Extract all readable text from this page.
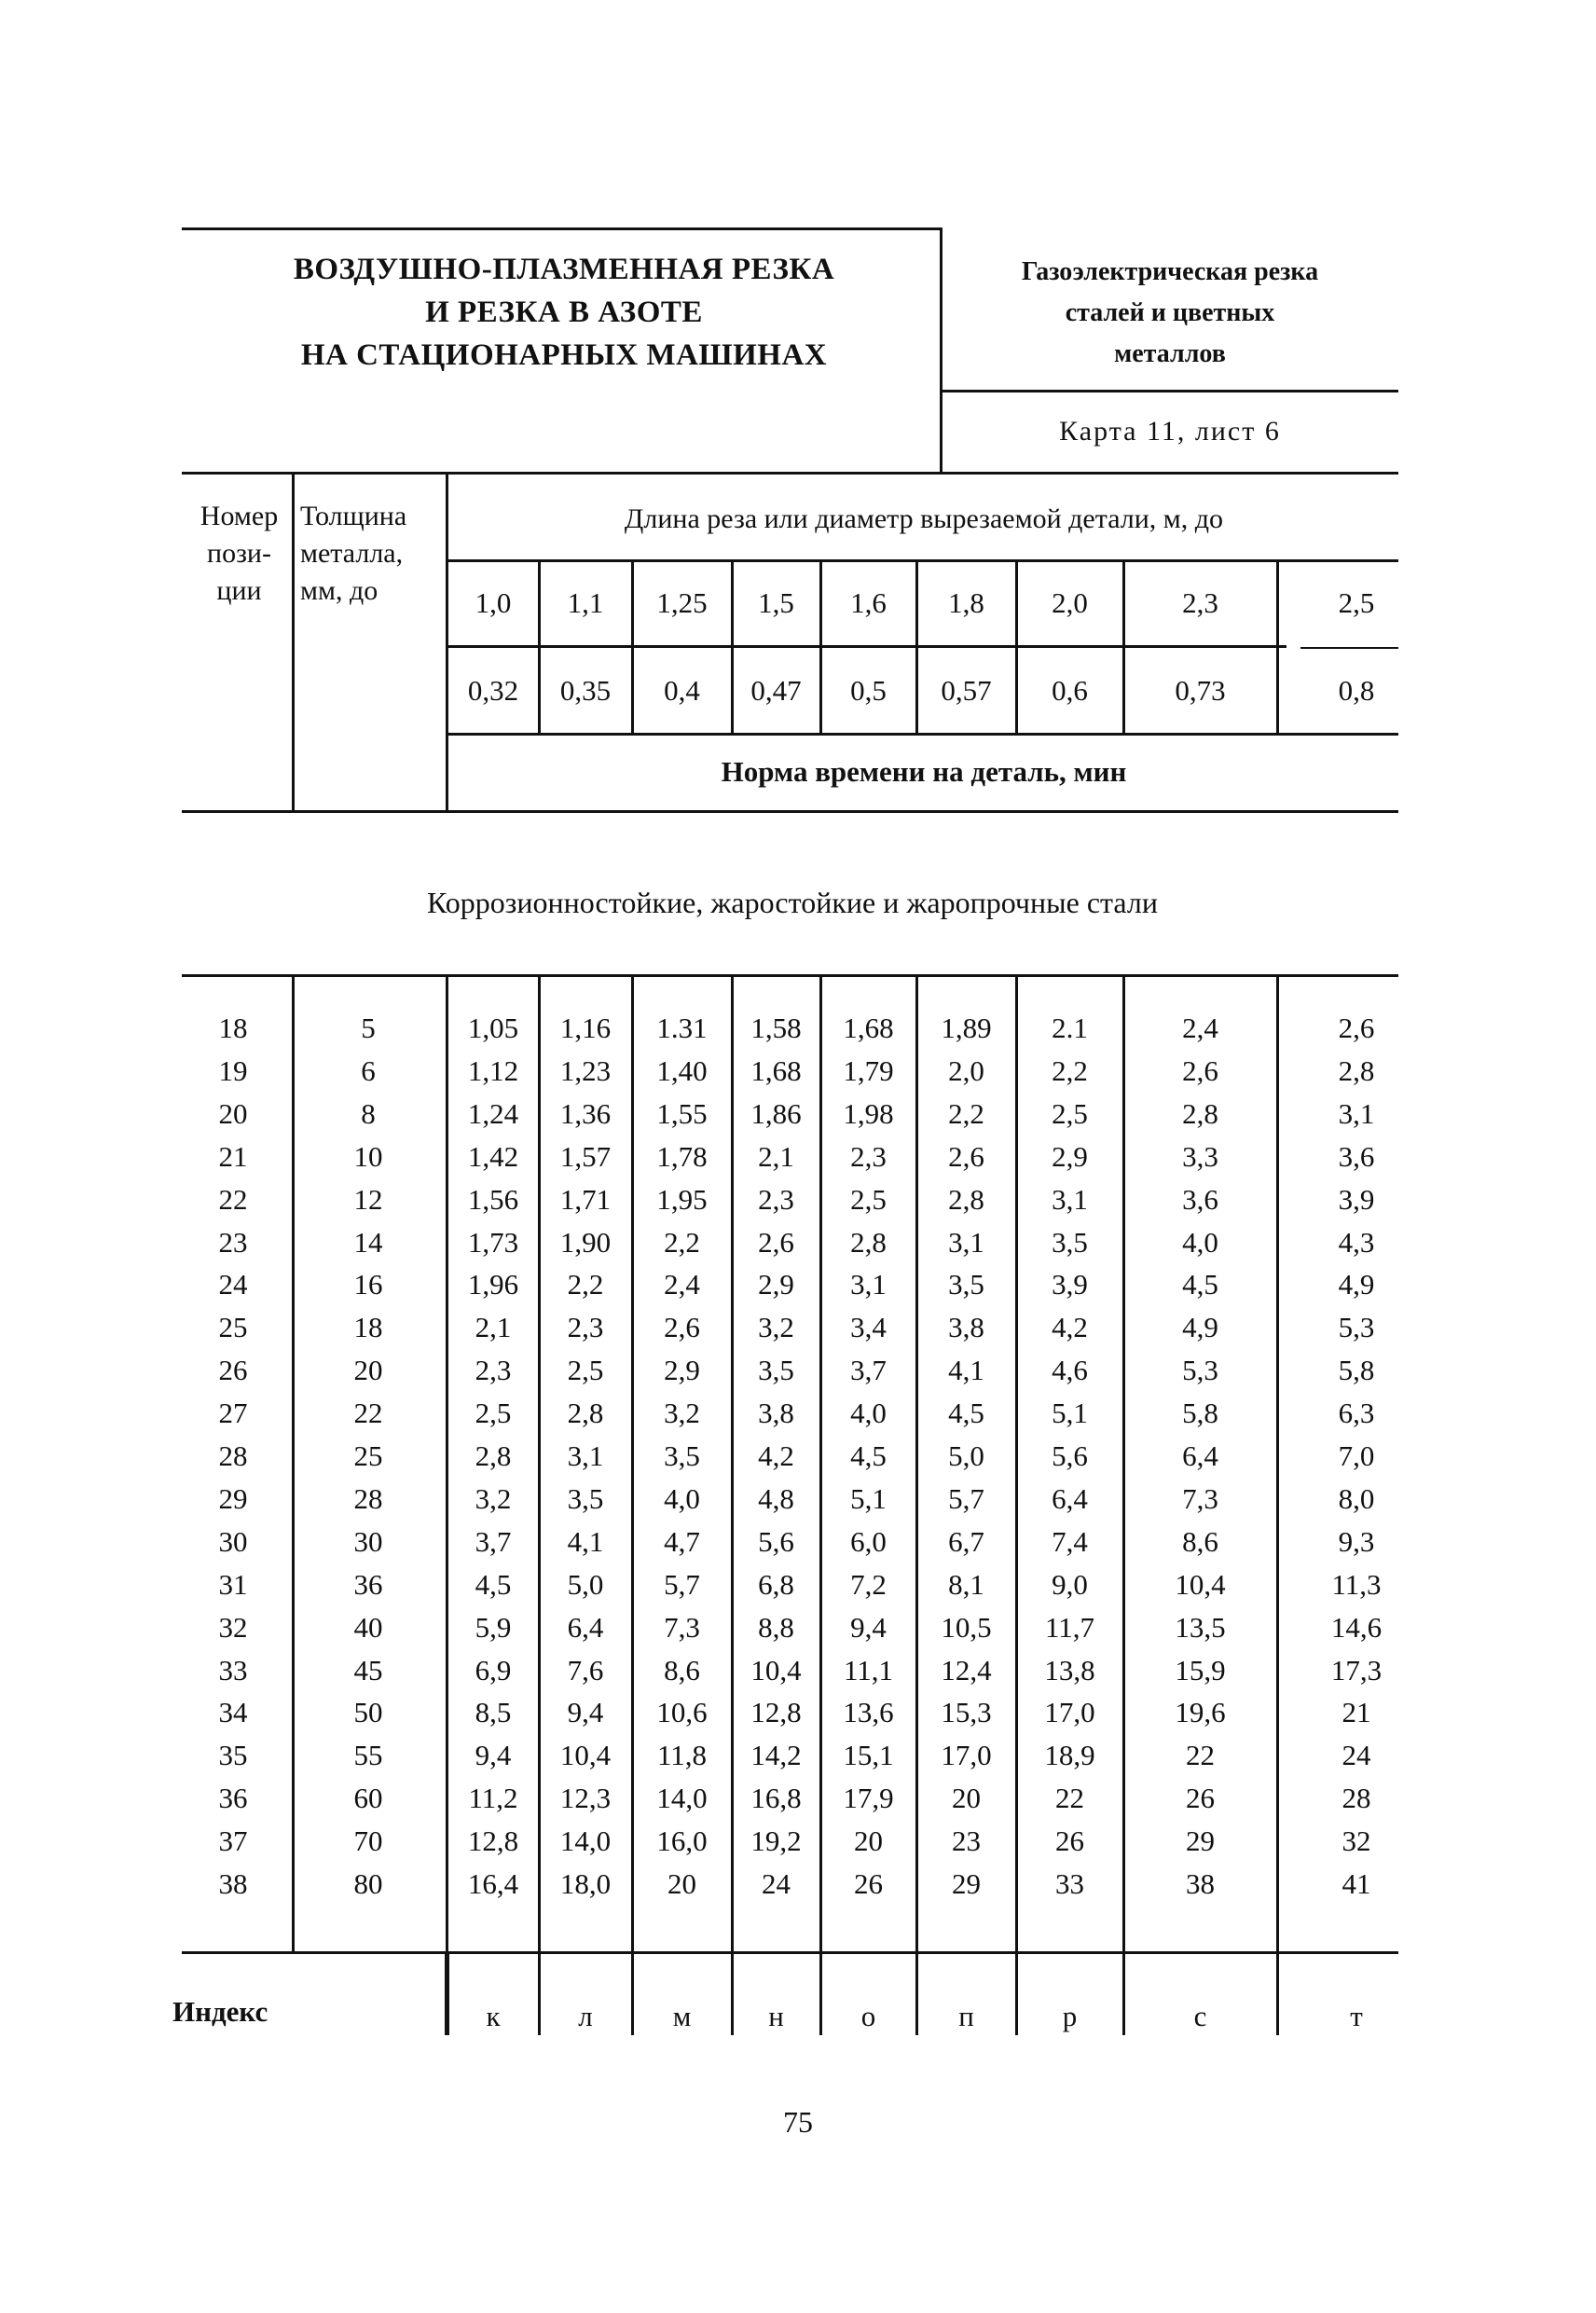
ВОЗДУШНО-ПЛАЗМЕННАЯ РЕЗКА
И РЕЗКА В АЗОТЕ
НА СТАЦИОНАРНЫХ МАШИНАХ
Газоэлектрическая резка
сталей и цветных
металлов
Карта 11, лист 6
Номер
пози-
ции
Толщина
металла,
мм, до
Длина реза или диаметр вырезаемой детали, м, до
Норма времени на деталь, мин
1,0	1,1	1,25	1,5	1,6	1,8	2,0	2,3	2,5
0,32	0,35	0,4	0,47	0,5	0,57	0,6	0,73	0,8
Коррозионностойкие, жаростойкие и жаропрочные стали
18	5	1,05	1,16	1.31	1,58	1,68	1,89	2.1	2,4	2,6
19	6	1,12	1,23	1,40	1,68	1,79	2,0	2,2	2,6	2,8
20	8	1,24	1,36	1,55	1,86	1,98	2,2	2,5	2,8	3,1
21	10	1,42	1,57	1,78	2,1	2,3	2,6	2,9	3,3	3,6
22	12	1,56	1,71	1,95	2,3	2,5	2,8	3,1	3,6	3,9
23	14	1,73	1,90	2,2	2,6	2,8	3,1	3,5	4,0	4,3
24	16	1,96	2,2	2,4	2,9	3,1	3,5	3,9	4,5	4,9
25	18	2,1	2,3	2,6	3,2	3,4	3,8	4,2	4,9	5,3
26	20	2,3	2,5	2,9	3,5	3,7	4,1	4,6	5,3	5,8
27	22	2,5	2,8	3,2	3,8	4,0	4,5	5,1	5,8	6,3
28	25	2,8	3,1	3,5	4,2	4,5	5,0	5,6	6,4	7,0
29	28	3,2	3,5	4,0	4,8	5,1	5,7	6,4	7,3	8,0
30	30	3,7	4,1	4,7	5,6	6,0	6,7	7,4	8,6	9,3
31	36	4,5	5,0	5,7	6,8	7,2	8,1	9,0	10,4	11,3
32	40	5,9	6,4	7,3	8,8	9,4	10,5	11,7	13,5	14,6
33	45	6,9	7,6	8,6	10,4	11,1	12,4	13,8	15,9	17,3
34	50	8,5	9,4	10,6	12,8	13,6	15,3	17,0	19,6	21
35	55	9,4	10,4	11,8	14,2	15,1	17,0	18,9	22	24
36	60	11,2	12,3	14,0	16,8	17,9	20	22	26	28
37	70	12,8	14,0	16,0	19,2	20	23	26	29	32
38	80	16,4	18,0	20	24	26	29	33	38	41
Индекс	к	л	м	н	о	п	р	с	т
75
